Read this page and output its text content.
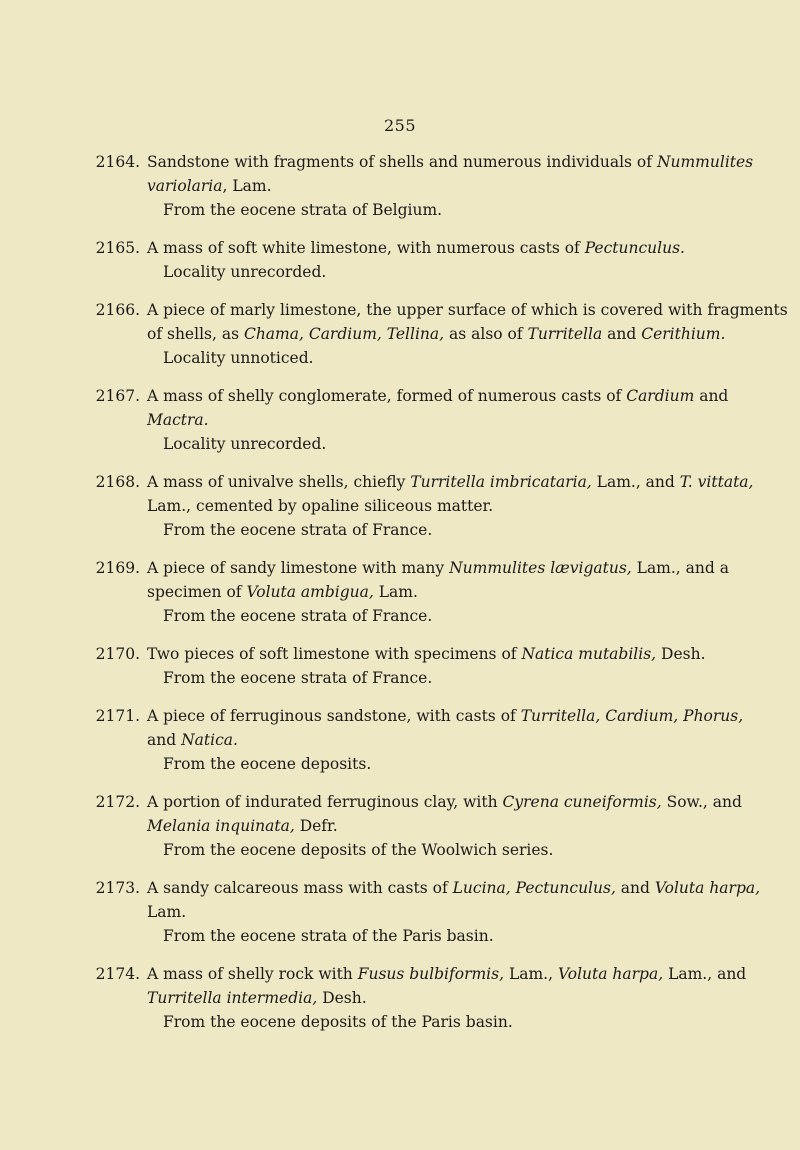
255
2164. Sandstone with fragments of shells and numerous individuals of Nummulites
variolaria, Lam.
From the eocene strata of Belgium.
2165. A mass of soft white limestone, with numerous casts of Pectunculus.
Locality unrecorded.
2166. A piece of marly limestone, the upper surface of which is covered with fragments
of shells, as Chama, Cardium, Tellina, as also of Turritella and Cerithium.
Locality unnoticed.
2167. A mass of shelly conglomerate, formed of numerous casts of Cardium and
Mactra.
Locality unrecorded.
2168. A mass of univalve shells, chiefly Turritella imbricataria, Lam., and T. vittata,
Lam., cemented by opaline siliceous matter.
From the eocene strata of France.
2169. A piece of sandy limestone with many Nummulites lævigatus, Lam., and a
specimen of Voluta ambigua, Lam.
From the eocene strata of France.
2170. Two pieces of soft limestone with specimens of Natica mutabilis, Desh.
From the eocene strata of France.
2171. A piece of ferruginous sandstone, with casts of Turritella, Cardium, Phorus,
and Natica.
From the eocene deposits.
2172. A portion of indurated ferruginous clay, with Cyrena cuneiformis, Sow., and
Melania inquinata, Defr.
From the eocene deposits of the Woolwich series.
2173. A sandy calcareous mass with casts of Lucina, Pectunculus, and Voluta harpa,
Lam.
From the eocene strata of the Paris basin.
2174. A mass of shelly rock with Fusus bulbiformis, Lam., Voluta harpa, Lam., and
Turritella intermedia, Desh.
From the eocene deposits of the Paris basin.
